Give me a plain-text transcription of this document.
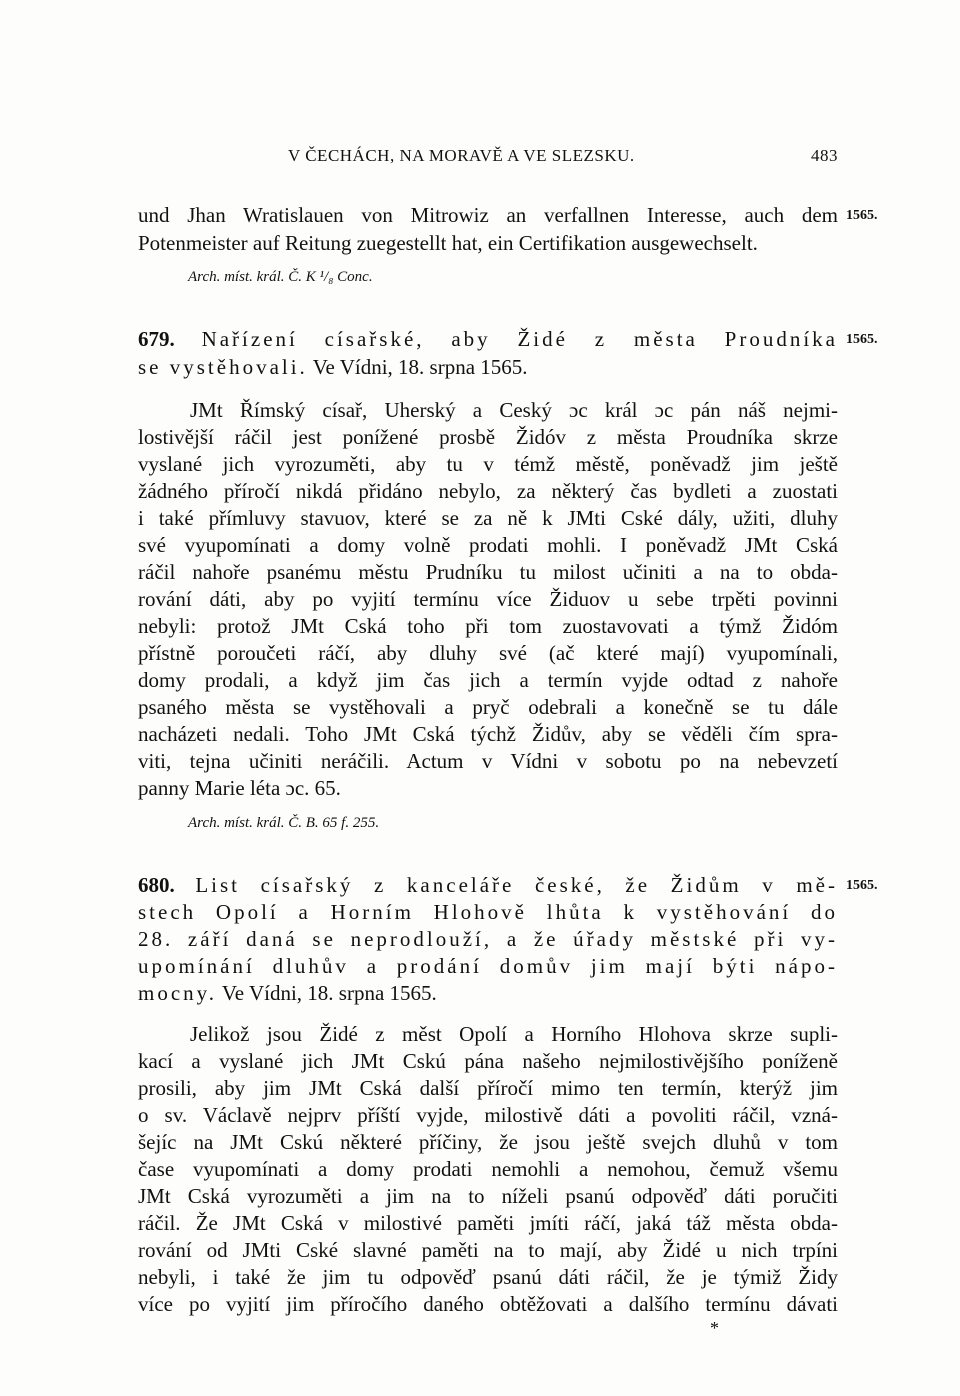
V ČECHÁCH, NA MORAVĚ A VE SLEZSKU.	483
und Jhan Wratislauen von Mitrowiz an verfallnen Interesse, auch dem 1565.
Potenmeister auf Reitung zuegestellt hat, ein Certifikation ausgewechselt.
Arch. míst. král. Č. K ¹/₈ Conc.
679. Nařízení císařské, aby Židé z města Proudníka 1565.
se vystěhovali. Ve Vídni, 18. srpna 1565.
JMt Římský císař, Uherský a Ceský ɔc král ɔc pán náš nejmi-
lostivější ráčil jest ponížené prosbě Židóv z města Proudníka skrze
vyslané jich vyrozuměti, aby tu v témž městě, poněvadž jim ještě
žádného příročí nikdá přidáno nebylo, za některý čas bydleti a zuostati
i také přímluvy stavuov, které se za ně k JMti Cské dály, užiti, dluhy
své vyupomínati a domy volně prodati mohli. I poněvadž JMt Cská
ráčil nahoře psanému městu Prudníku tu milost učiniti a na to obda-
rování dáti, aby po vyjití termínu více Židuov u sebe trpěti povinni
nebyli: protož JMt Cská toho při tom zuostavovati a týmž Židóm
přístně poroučeti ráčí, aby dluhy své (ač které mají) vyupomínali,
domy prodali, a když jim čas jich a termín vyjde odtad z nahoře
psaného města se vystěhovali a pryč odebrali a konečně se tu dále
nacházeti nedali. Toho JMt Cská týchž Židův, aby se věděli čím spra-
viti, tejna učiniti neráčili. Actum v Vídni v sobotu po na nebevzetí
panny Marie léta ɔc. 65.
Arch. míst. král. Č. B. 65 f. 255.
680. List císařský z kanceláře české, že Židům v mě- 1565.
stech Opolí a Horním Hlohově lhůta k vystěhování do
28. září daná se neprodlouží, a že úřady městské při vy-
upomínání dluhův a prodání domův jim mají býti nápo-
mocny. Ve Vídni, 18. srpna 1565.
Jelikož jsou Židé z měst Opolí a Horního Hlohova skrze supli-
kací a vyslané jich JMt Cskú pána našeho nejmilostivějšího poníženě
prosili, aby jim JMt Cská další příročí mimo ten termín, kterýž jim
o sv. Václavě nejprv příští vyjde, milostivě dáti a povoliti ráčil, vzná-
šejíc na JMt Cskú některé příčiny, že jsou ještě svejch dluhů v tom
čase vyupomínati a domy prodati nemohli a nemohou, čemuž všemu
JMt Cská vyrozuměti a jim na to níželi psanú odpověď dáti poručiti
ráčil. Že JMt Cská v milostivé paměti jmíti ráčí, jaká táž města obda-
rování od JMti Cské slavné paměti na to mají, aby Židé u nich trpíni
nebyli, i také že jim tu odpověď psanú dáti ráčil, že je týmiž Židy
více po vyjití jim příročího daného obtěžovati a dalšího termínu dávati
*
